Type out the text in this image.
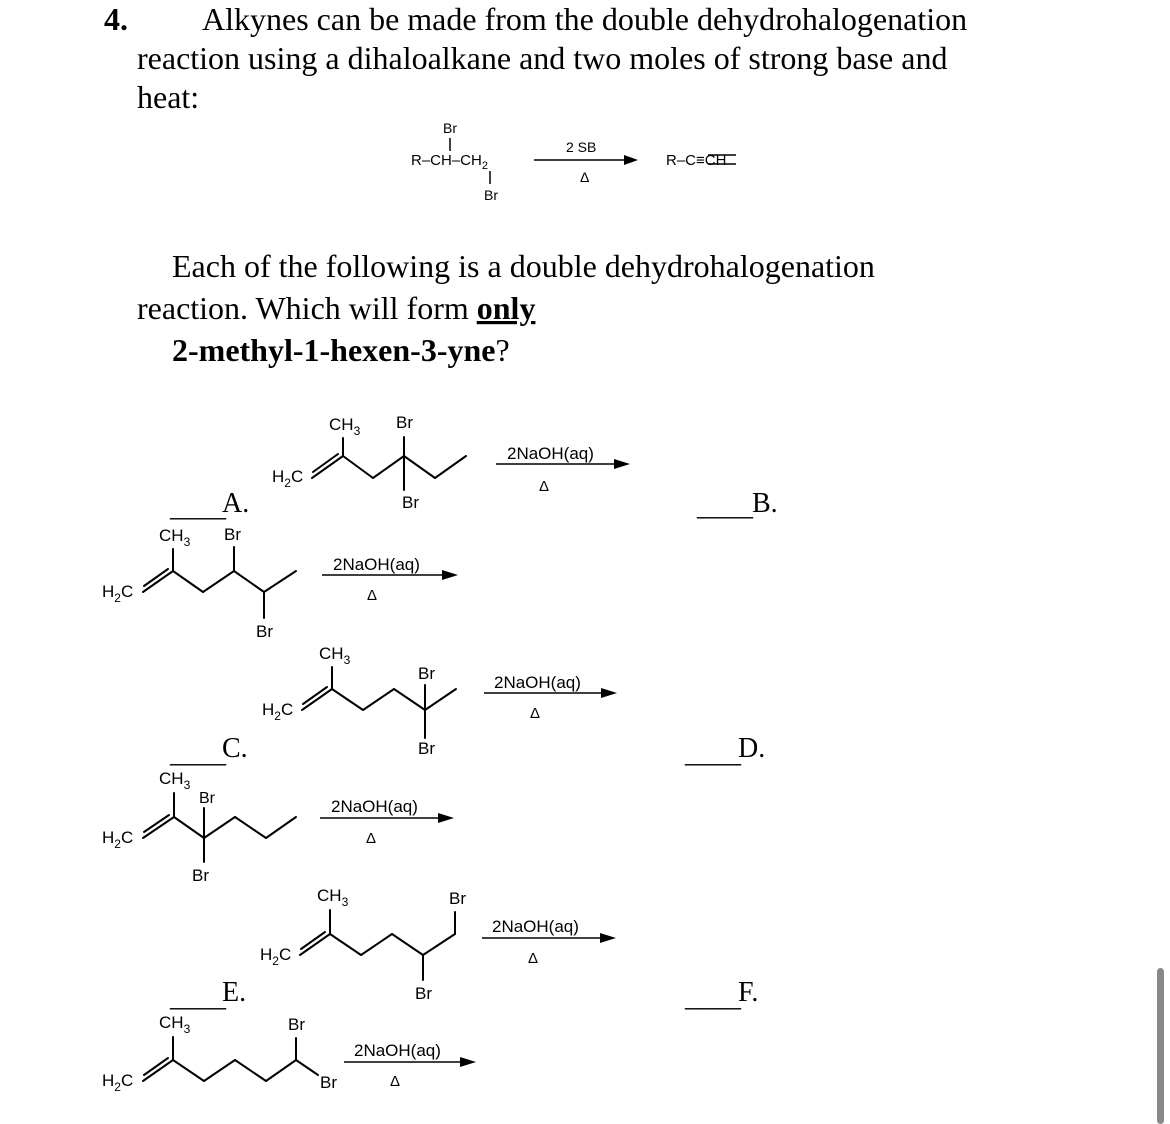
4. Alkynes can be made from the double dehydrohalogenation
reaction using a dihaloalkane and two moles of strong base and
heat:
Br
$R-CH-CH_2$
Br
2 SB
Δ
R–C≡CH
Each of the following is a double dehydrohalogenation
reaction. Which will form only
2-methyl-1-hexen-3-yne?
$CH_3$ Br
$H_2C$
Br
2NaOH(aq)
Δ
____ B.
____
A.
$CH_3$ Br
$H_2C$
Br
2NaOH(aq)
Δ
$CH_3$
Br
$H_2C$
Br
2NaOH(aq)
Δ
____
D.
____
C.
$CH_3$
Br
$H_2C$
Br
2NaOH(aq)
Δ
$CH_3$	Br
$H_2C$
Br
2NaOH(aq)
Δ
____
F.
____
E.
$CH_3$	Br
$H_2C$	Br
2NaOH(aq)
Δ
